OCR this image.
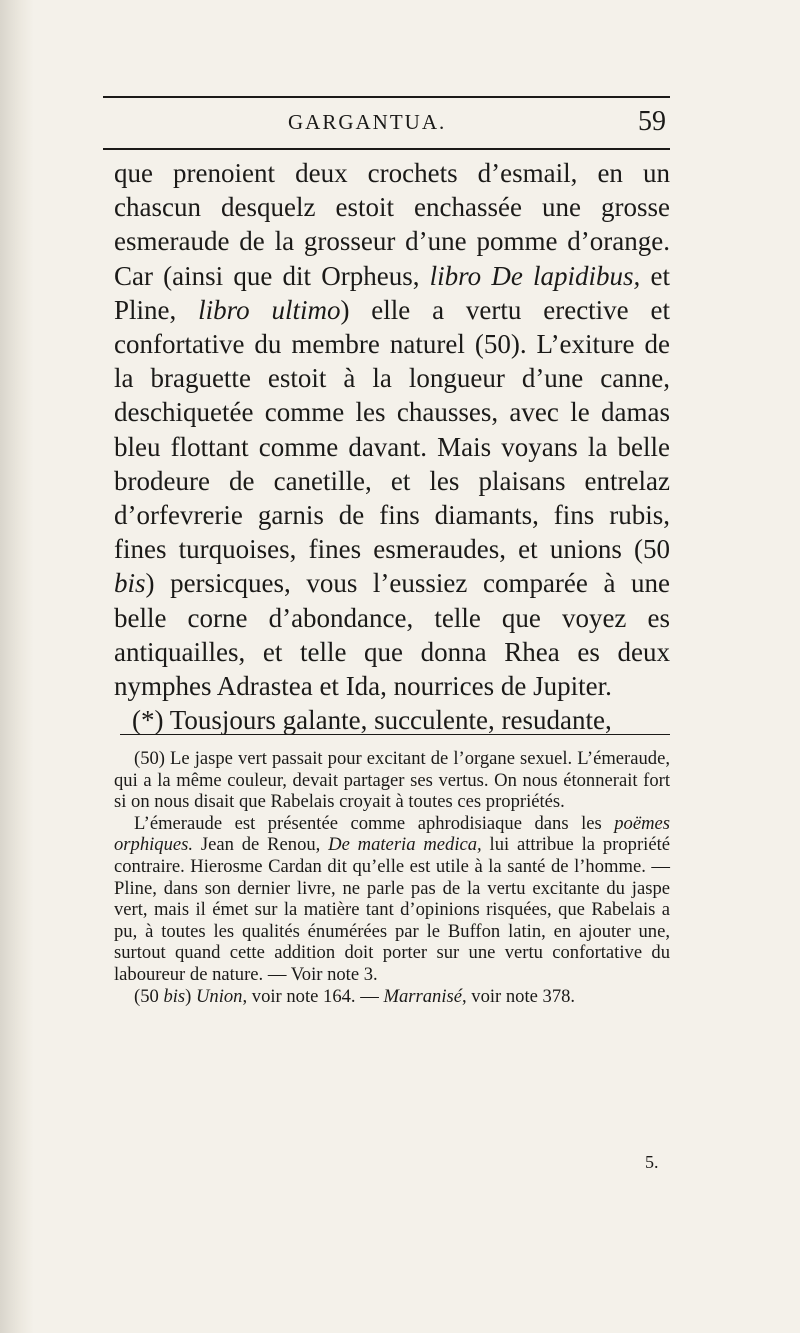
GARGANTUA.	59

que prenoient deux crochets d’esmail, en un chascun desquelz estoit enchassée une grosse esmeraude de la grosseur d’une pomme d’orange. Car (ainsi que dit Orpheus, libro De lapidibus, et Pline, libro ultimo) elle a vertu erective et confortative du membre naturel (50). L’exiture de la braguette estoit à la longueur d’une canne, deschiquetée comme les chausses, avec le damas bleu flottant comme davant. Mais voyans la belle brodeure de canetille, et les plaisans entrelaz d’orfevrerie garnis de fins diamants, fins rubis, fines turquoises, fines esmeraudes, et unions (50 bis) persicques, vous l’eussiez comparée à une belle corne d’abondance, telle que voyez es antiquailles, et telle que donna Rhea es deux nymphes Adrastea et Ida, nourrices de Jupiter.

(*) Tousjours galante, succulente, resudante,

(50) Le jaspe vert passait pour excitant de l’organe sexuel. L’émeraude, qui a la même couleur, devait partager ses vertus. On nous étonnerait fort si on nous disait que Rabelais croyait à toutes ces propriétés.

L’émeraude est présentée comme aphrodisiaque dans les poëmes orphiques. Jean de Renou, De materia medica, lui attribue la propriété contraire. Hierosme Cardan dit qu’elle est utile à la santé de l’homme. — Pline, dans son dernier livre, ne parle pas de la vertu excitante du jaspe vert, mais il émet sur la matière tant d’opinions risquées, que Rabelais a pu, à toutes les qualités énumérées par le Buffon latin, en ajouter une, surtout quand cette addition doit porter sur une vertu confortative du laboureur de nature. — Voir note 3.

(50 bis) Union, voir note 164. — Marranisé, voir note 378.

5.
